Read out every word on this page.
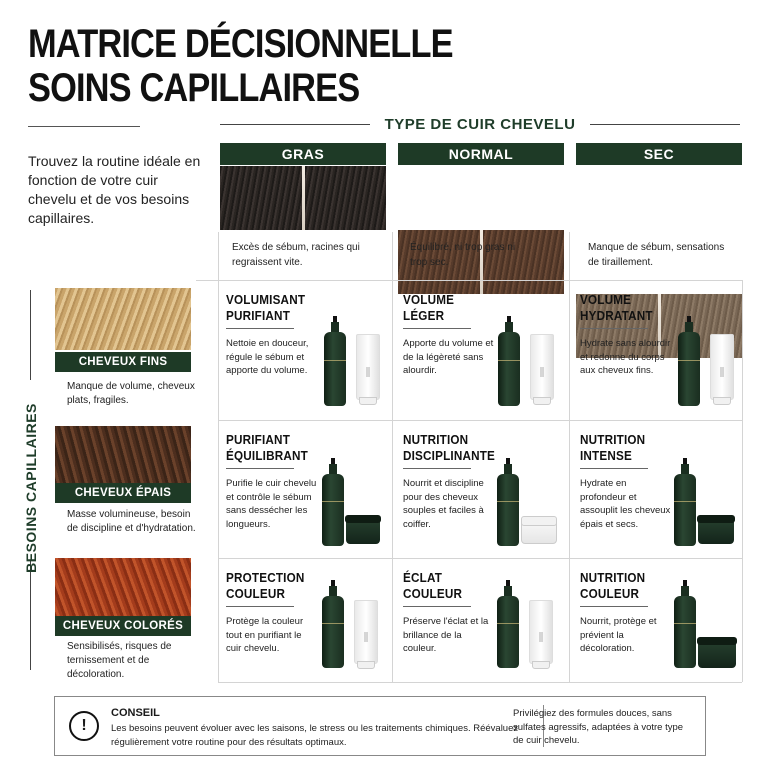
MATRICE DÉCISIONNELLE
SOINS CAPILLAIRES
Trouvez la routine idéale en fonction de votre cuir chevelu et de vos besoins capillaires.
TYPE DE CUIR CHEVELU
GRAS	NORMAL	SEC
Excès de sébum, racines qui regraissent vite.
Équilibré, ni trop gras ni trop sec.
Manque de sébum, sensations de tiraillement.
BESOINS CAPILLAIRES
CHEVEUX FINS
Manque de volume, cheveux plats, fragiles.
CHEVEUX ÉPAIS
Masse volumineuse, besoin de discipline et d'hydratation.
CHEVEUX COLORÉS
Sensibilisés, risques de ternissement et de décoloration.
VOLUMISANT
PURIFIANT
Nettoie en douceur, régule le sébum et apporte du volume.
VOLUME
LÉGER
Apporte du volume et de la légèreté sans alourdir.
VOLUME
HYDRATANT
Hydrate sans alourdir et redonne du corps aux cheveux fins.
PURIFIANT
ÉQUILIBRANT
Purifie le cuir chevelu et contrôle le sébum sans dessécher les longueurs.
NUTRITION
DISCIPLINANTE
Nourrit et discipline pour des cheveux souples et faciles à coiffer.
NUTRITION
INTENSE
Hydrate en profondeur et assouplit les cheveux épais et secs.
PROTECTION
COULEUR
Protège la couleur tout en purifiant le cuir chevelu.
ÉCLAT
COULEUR
Préserve l'éclat et la brillance de la couleur.
NUTRITION
COULEUR
Nourrit, protège et prévient la décoloration.
!
CONSEIL
Les besoins peuvent évoluer avec les saisons, le stress ou les traitements chimiques. Réévaluez régulièrement votre routine pour des résultats optimaux.
Privilégiez des formules douces, sans sulfates agressifs, adaptées à votre type de cuir chevelu.
